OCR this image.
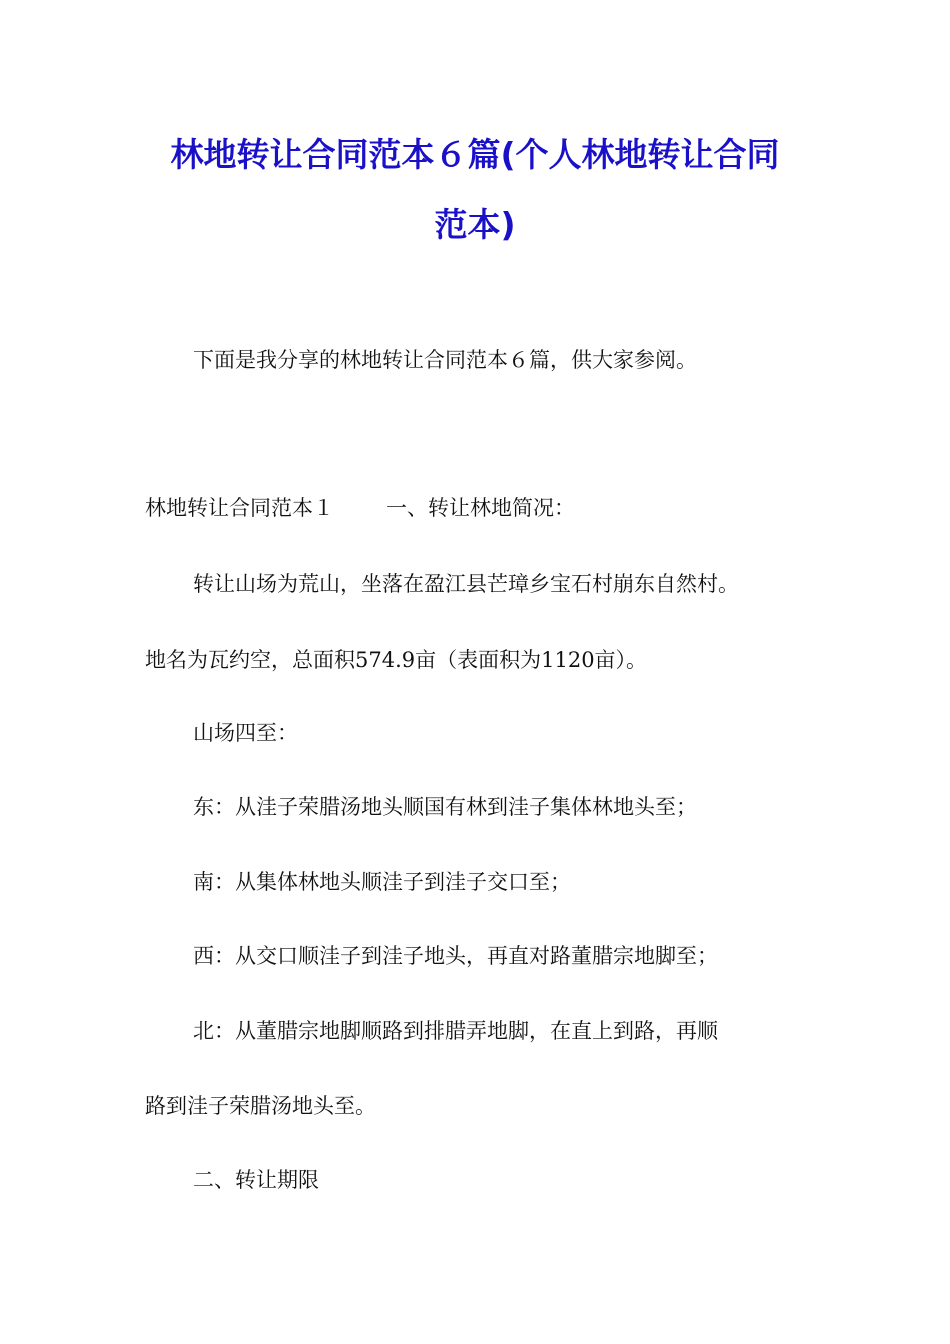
林地转让合同范本６篇(个人林地转让合同
范本)

下面是我分享的林地转让合同范本６篇，供大家参阅。

林地转让合同范本１ 一、转让林地简况：

转让山场为荒山，坐落在盈江县芒璋乡宝石村崩东自然村。

地名为瓦约空，总面积574.9亩（表面积为1120亩）。

山场四至：

东：从洼子荣腊汤地头顺国有林到洼子集体林地头至；

南：从集体林地头顺洼子到洼子交口至；

西：从交口顺洼子到洼子地头，再直对路董腊宗地脚至；

北：从董腊宗地脚顺路到排腊弄地脚，在直上到路，再顺

路到洼子荣腊汤地头至。

二、转让期限
